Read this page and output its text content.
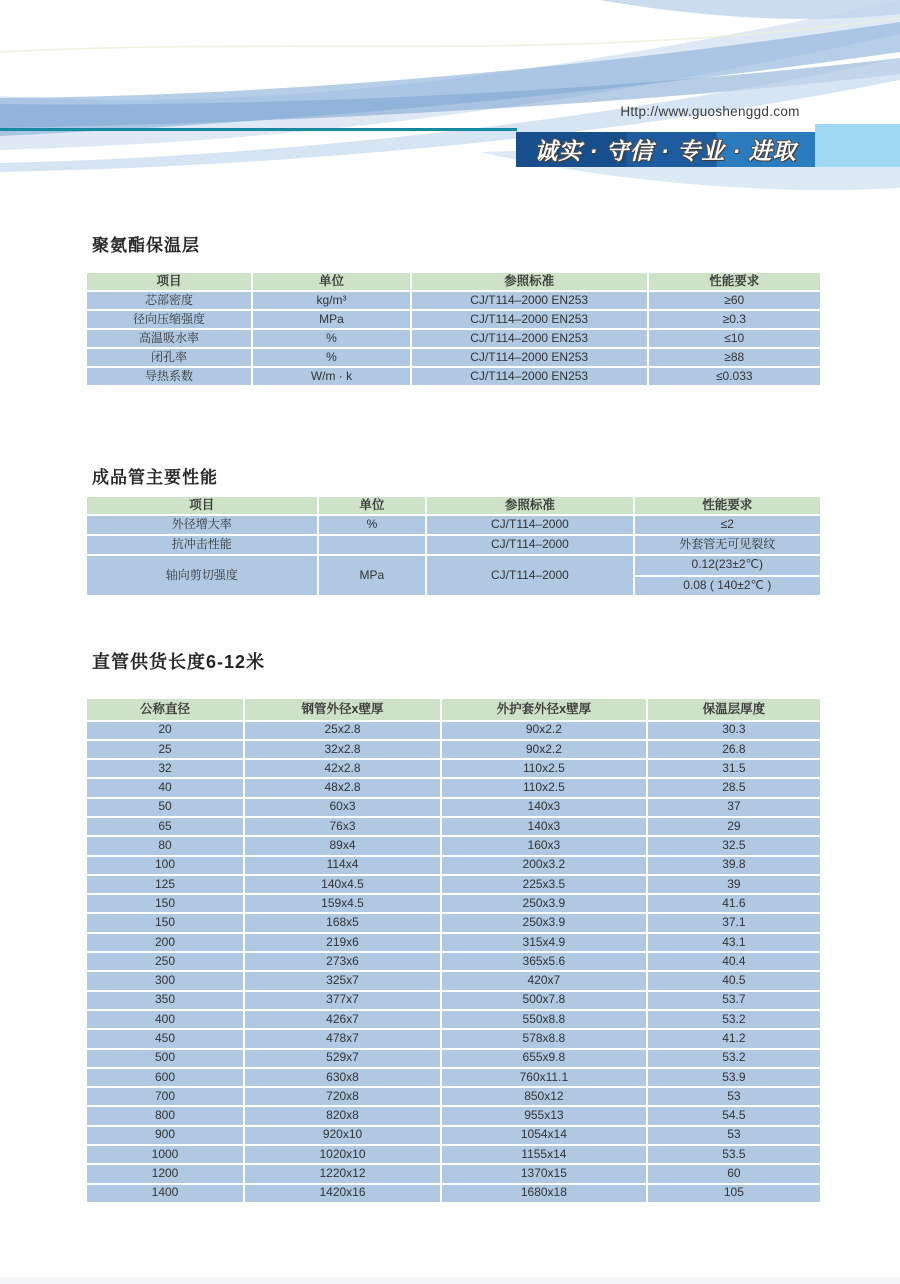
Http://www.guoshenggd.com
诚实 · 守信 · 专业 · 进取
聚氨酯保温层
项目	单位	参照标准	性能要求
芯部密度	kg/m³	CJ/T114–2000 EN253	≥60
径向压缩强度	MPa	CJ/T114–2000 EN253	≥0.3
高温吸水率	%	CJ/T114–2000 EN253	≤10
闭孔率	%	CJ/T114–2000 EN253	≥88
导热系数	W/m · k	CJ/T114–2000 EN253	≤0.033
成品管主要性能
项目	单位	参照标准	性能要求
外径增大率	%	CJ/T114–2000	≤2
抗冲击性能		CJ/T114–2000	外套管无可见裂纹
轴向剪切强度	MPa	CJ/T114–2000	0.12(23±2℃)
			0.08 ( 140±2℃ )
直管供货长度6-12米
公称直径	钢管外径x壁厚	外护套外径x壁厚	保温层厚度
20	25x2.8	90x2.2	30.3
25	32x2.8	90x2.2	26.8
32	42x2.8	110x2.5	31.5
40	48x2.8	110x2.5	28.5
50	60x3	140x3	37
65	76x3	140x3	29
80	89x4	160x3	32.5
100	114x4	200x3.2	39.8
125	140x4.5	225x3.5	39
150	159x4.5	250x3.9	41.6
150	168x5	250x3.9	37.1
200	219x6	315x4.9	43.1
250	273x6	365x5.6	40.4
300	325x7	420x7	40.5
350	377x7	500x7.8	53.7
400	426x7	550x8.8	53.2
450	478x7	578x8.8	41.2
500	529x7	655x9.8	53.2
600	630x8	760x11.1	53.9
700	720x8	850x12	53
800	820x8	955x13	54.5
900	920x10	1054x14	53
1000	1020x10	1155x14	53.5
1200	1220x12	1370x15	60
1400	1420x16	1680x18	105
